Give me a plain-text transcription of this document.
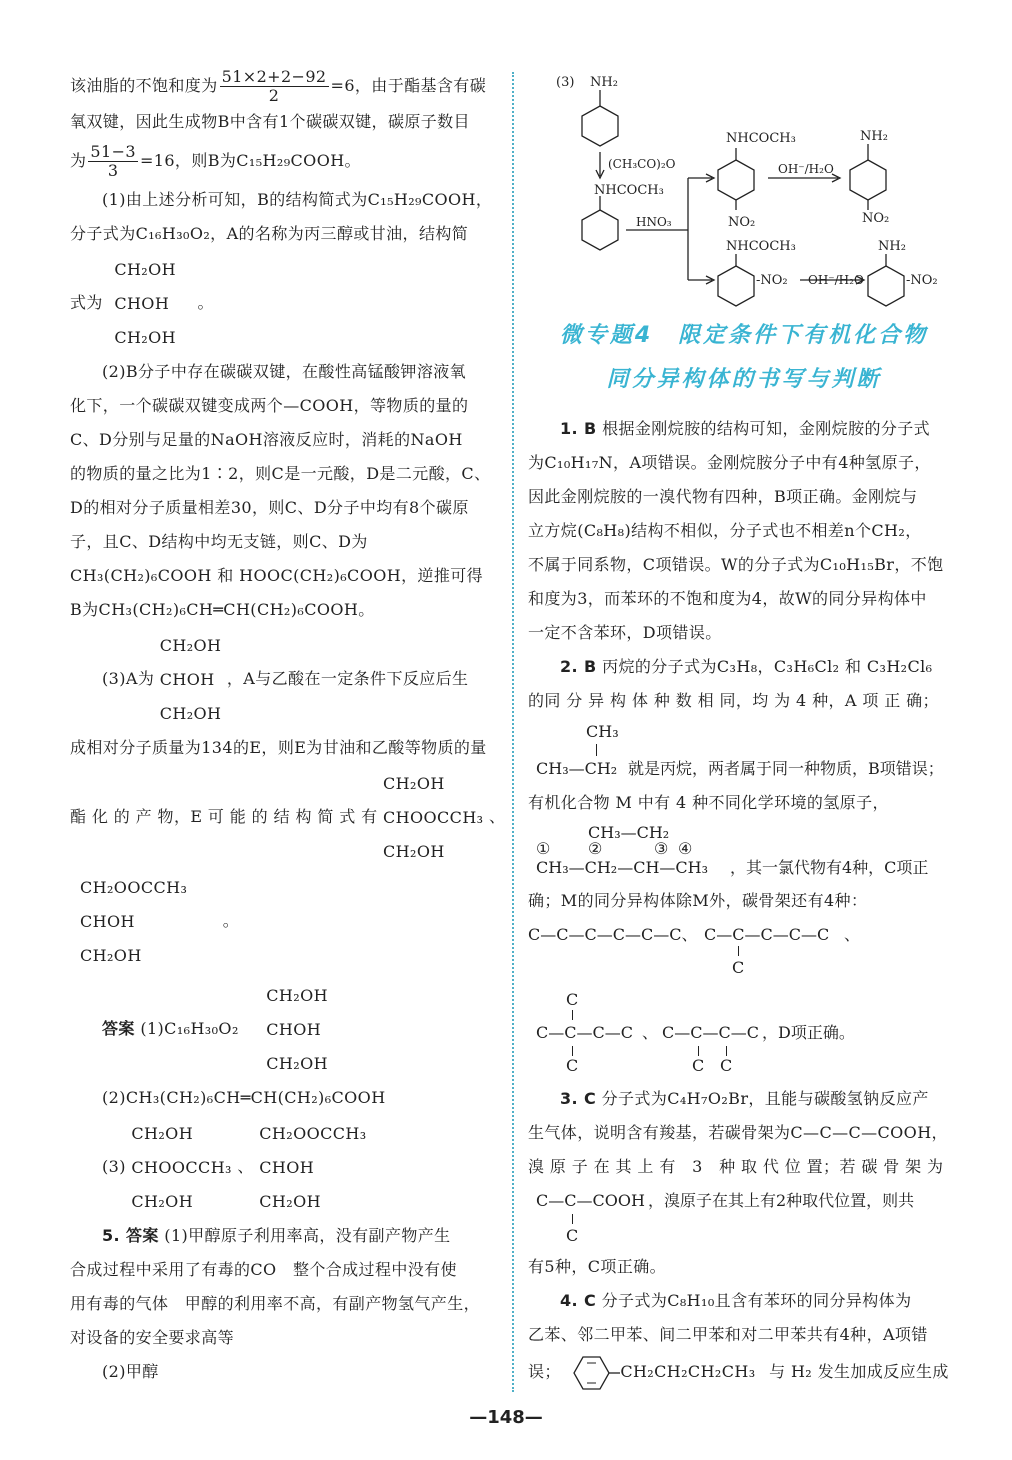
该油脂的不饱和度为 $\frac{51\times 2+2-92}{2} =6$，由于酯基含有碳

氧双键，因此生成物B中含有1个碳碳双键，碳原子数目

为 $\frac{51-3}{3} =16$，则B为C₁₅H₂₉COOH。

(1)由上述分析可知，B的结构简式为C₁₅H₂₉COOH，

分子式为C₁₆H₃₀O₂，A的名称为丙三醇或甘油，结构简

式为
CH₂OH
CHOH
CH₂OH
。

(2)B分子中存在碳碳双键，在酸性高锰酸钾溶液氧

化下，一个碳碳双键变成两个—COOH，等物质的量的

C、D分别与足量的NaOH溶液反应时，消耗的NaOH

的物质的量之比为1∶2，则C是一元酸，D是二元酸，C、

D的相对分子质量相差30，则C、D分子中均有8个碳原

子，且C、D结构中均无支链，则C、D为

CH₃(CH₂)₆COOH 和 HOOC(CH₂)₆COOH，逆推可得

B为CH₃(CH₂)₆CH═CH(CH₂)₆COOH。

(3)A为
CH₂OH
CHOH
CH₂OH
，A与乙酸在一定条件下反应后生

成相对分子质量为134的E，则E为甘油和乙酸等物质的量

酯 化 的 产 物，E 可 能 的 结 构 简 式 有
CH₂OH
CHOOCCH₃
CH₂OH
、

CH₂OOCCH₃
CHOH
CH₂OH
。

答案 (1)C₁₆H₃₀O₂
CH₂OH
CHOH
CH₂OH

(2)CH₃(CH₂)₆CH═CH(CH₂)₆COOH

(3)
CH₂OH
CHOOCCH₃
CH₂OH
、
CH₂OOCCH₃
CHOH
CH₂OH

5. 答案 (1)甲醇原子利用率高，没有副产物产生

合成过程中采用了有毒的CO　整个合成过程中没有使

用有毒的气体　甲醇的利用率不高，有副产物氢气产生，

对设备的安全要求高等

(2)甲醇

(3) NH₂
(CH₃CO)₂O
NHCOCH₃
HNO₃
NHCOCH₃
NO₂
OH⁻/H₂O
NH₂
NO₂
NHCOCH₃
-NO₂ OH⁻/H₂O
NH₂
-NO₂

微专题4　限定条件下有机化合物

同分异构体的书写与判断

1. B 根据金刚烷胺的结构可知，金刚烷胺的分子式

为C₁₀H₁₇N，A项错误。金刚烷胺分子中有4种氢原子，

因此金刚烷胺的一溴代物有四种，B项正确。金刚烷与

立方烷(C₈H₈)结构不相似，分子式也不相差n个CH₂，

不属于同系物，C项错误。W的分子式为C₁₀H₁₅Br，不饱

和度为3，而苯环的不饱和度为4，故W的同分异构体中

一定不含苯环，D项错误。

2. B 丙烷的分子式为C₃H₈，C₃H₆Cl₂ 和 C₃H₂Cl₆

的同 分 异 构 体 种 数 相 同，均 为 4 种，A 项 正 确；

CH₃
CH₃—CH₂ 就是丙烷，两者属于同一种物质，B项错误；

有机化合物 M 中有 4 种不同化学环境的氢原子，

CH₃—CH₂
① ②	③ ④
CH₃—CH₂—CH—CH₃ ，其一氯代物有4种，C项正

确；M的同分异构体除M外，碳骨架还有4种：

C—C—C—C—C—C、 C—C—C—C—C
C
、
C
C—C—C—C
C
、 C—C—C—C
C C
，D项正确。

3. C 分子式为C₄H₇O₂Br，且能与碳酸氢钠反应产

生气体，说明含有羧基，若碳骨架为C—C—C—COOH，

溴 原 子 在 其 上 有　3　种 取 代 位 置；若 碳 骨 架 为

C—C—COOH
C
，溴原子在其上有2种取代位置，则共

有5种，C项正确。

4. C 分子式为C₈H₁₀且含有苯环的同分异构体为

乙苯、邻二甲苯、间二甲苯和对二甲苯共有4种，A项错

误；	CH₂CH₂CH₂CH₃ 与 H₂ 发生加成反应生成

—148—
